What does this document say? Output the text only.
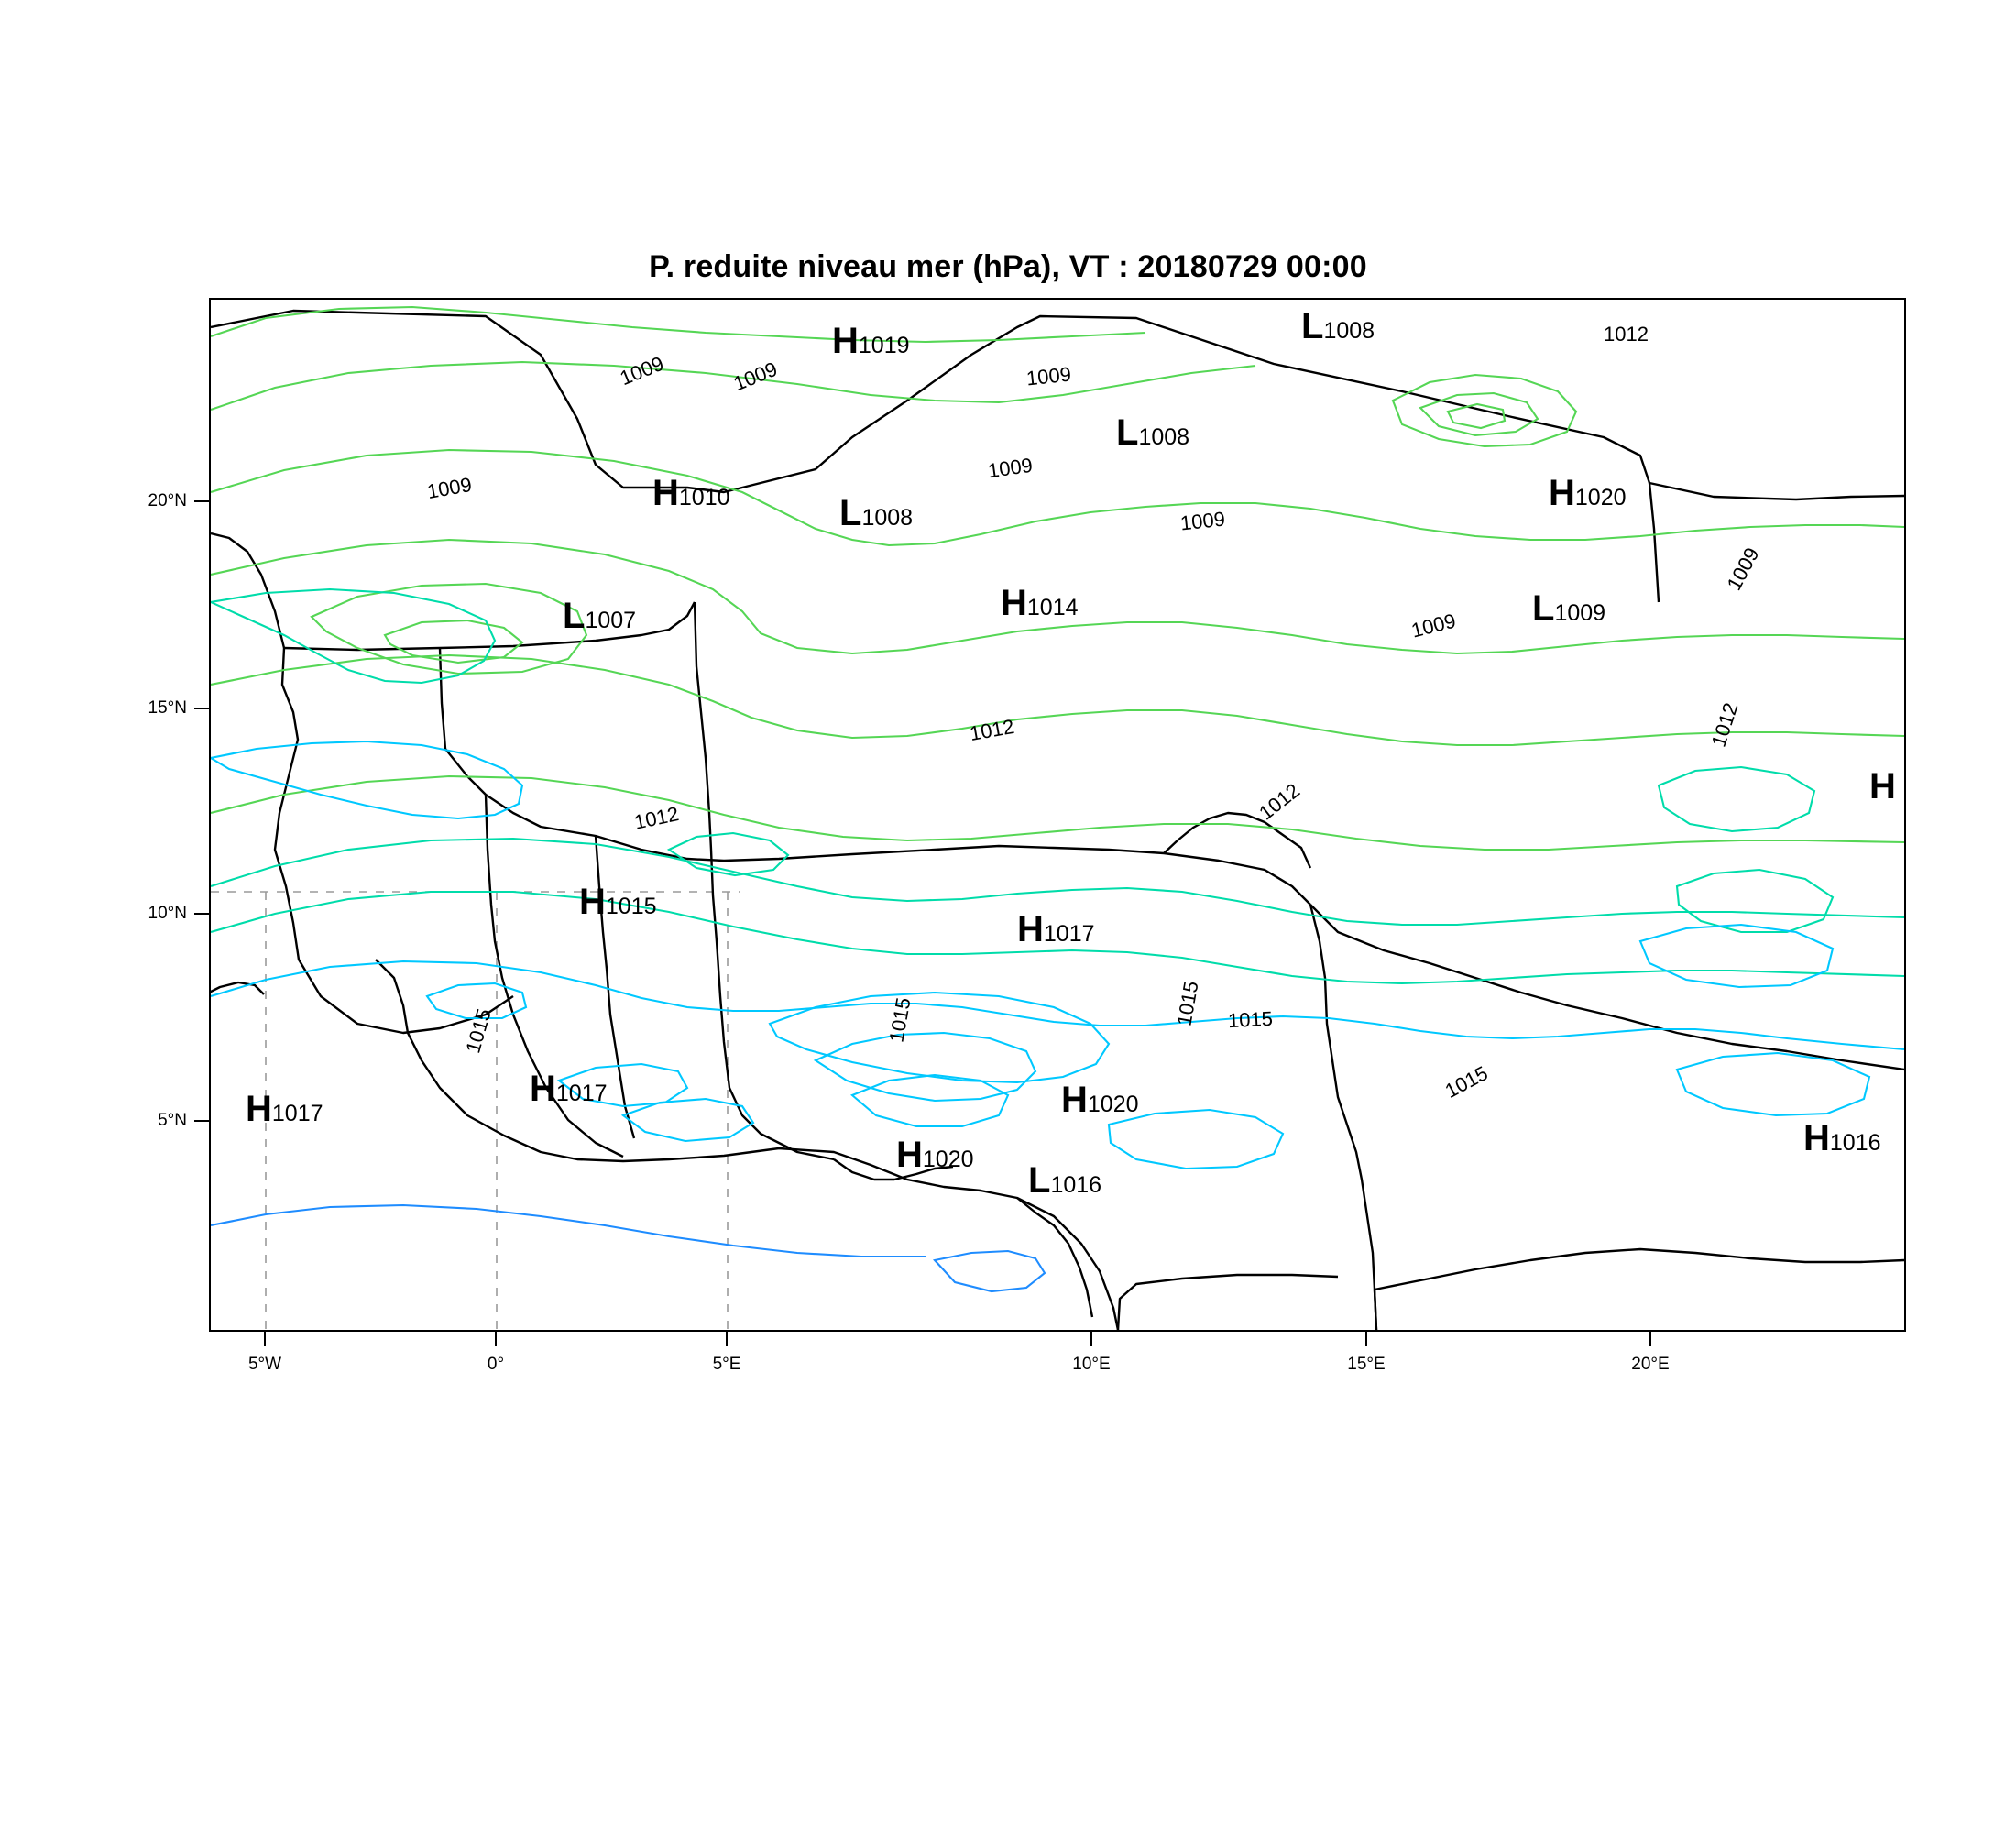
P. reduite niveau mer (hPa), VT : 20180729 00:00
20°N
15°N
10°N
5°N
5°W	0°	5°E	10°E	15°E	20°E
1009	1009	1009
1012
1009
1009
1009
1009
1009
1012
1012
1012
1012
1015	1015	1015 1015
1015
H1019	L1008
L1008
H1010	L1008
H1020
L1007	H1014	L1009
H
H1015
H1017
H1017
H1017	H1020
H1020
L1016
H1016
